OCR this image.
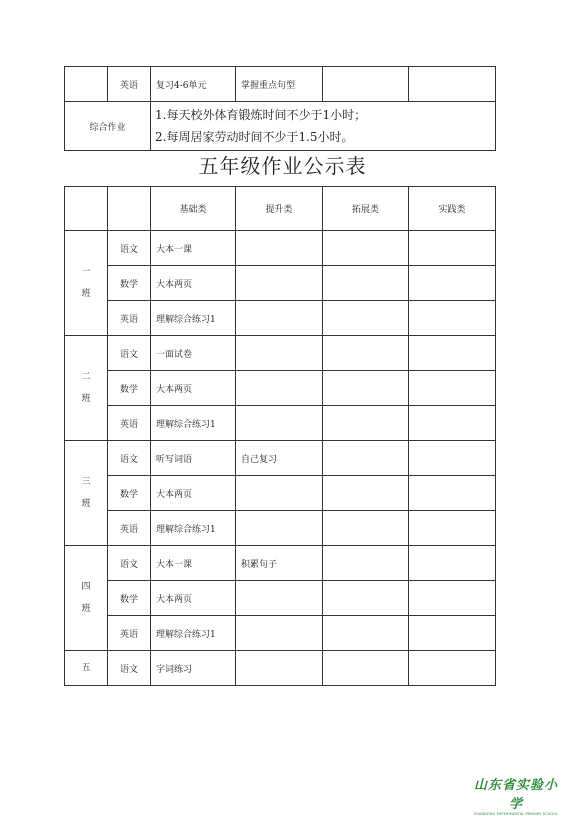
	英语	复习4-6单元	掌握重点句型		
综合作业		1.每天校外体育锻炼时间不少于1小时；
2.每周居家劳动时间不少于1.5小时。			
五年级作业公示表
		基础类	提升类	拓展类	实践类

一
班	语文	大本一课			
	数学	大本两页			
	英语	理解综合练习1			

二
班	语文	一面试卷			
	数学	大本两页			
	英语	理解综合练习1			

三
班	语文	听写词语	自己复习		
	数学	大本两页			
	英语	理解综合练习1			

四
班	语文	大本一课	积累句子		
	数学	大本两页			
	英语	理解综合练习1			

五	语文	字词练习			
山东省实验小学
SHANDONG EXPERIMENTAL PRIMARY SCHOOL
